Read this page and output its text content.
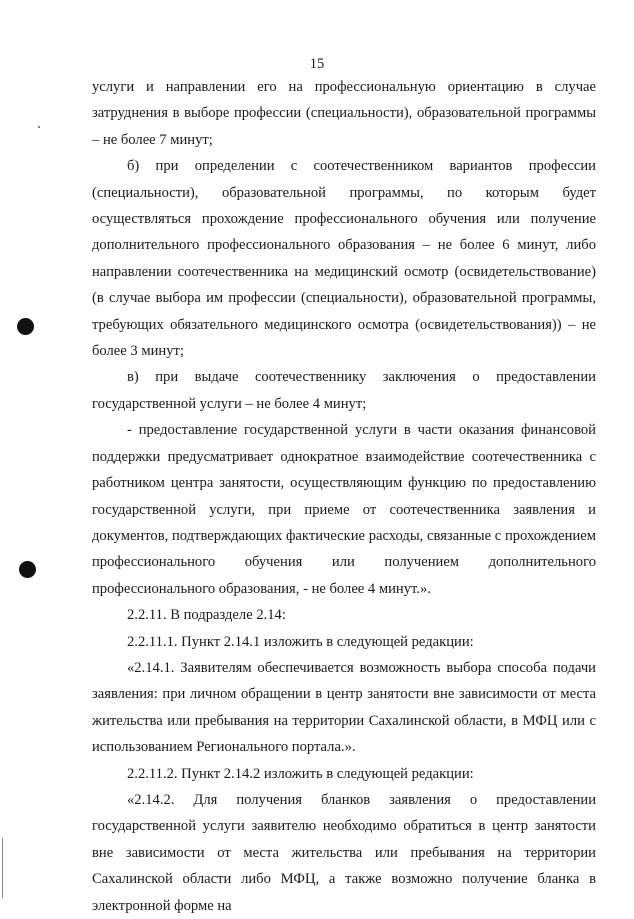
15

услуги и направлении его на профессиональную ориентацию в случае затруднения в выборе профессии (специальности), образовательной программы – не более 7 минут;

б) при определении с соотечественником вариантов профессии (специальности), образовательной программы, по которым будет осуществляться прохождение профессионального обучения или получение дополнительного профессионального образования – не более 6 минут, либо направлении соотечественника на медицинский осмотр (освидетельствование) (в случае выбора им профессии (специальности), образовательной программы, требующих обязательного медицинского осмотра (освидетельствования)) – не более 3 минут;

в) при выдаче соотечественнику заключения о предоставлении государственной услуги – не более 4 минут;

- предоставление государственной услуги в части оказания финансовой поддержки предусматривает однократное взаимодействие соотечественника с работником центра занятости, осуществляющим функцию по предоставлению государственной услуги, при приеме от соотечественника заявления и документов, подтверждающих фактические расходы, связанные с прохождением профессионального обучения или получением дополнительного профессионального образования, - не более 4 минут.».

2.2.11. В подразделе 2.14:

2.2.11.1. Пункт 2.14.1 изложить в следующей редакции:

«2.14.1. Заявителям обеспечивается возможность выбора способа подачи заявления: при личном обращении в центр занятости вне зависимости от места жительства или пребывания на территории Сахалинской области, в МФЦ или с использованием Регионального портала.».

2.2.11.2. Пункт 2.14.2 изложить в следующей редакции:

«2.14.2. Для получения бланков заявления о предоставлении государственной услуги заявителю необходимо обратиться в центр занятости вне зависимости от места жительства или пребывания на территории Сахалинской области либо МФЦ, а также возможно получение бланка в электронной форме на
